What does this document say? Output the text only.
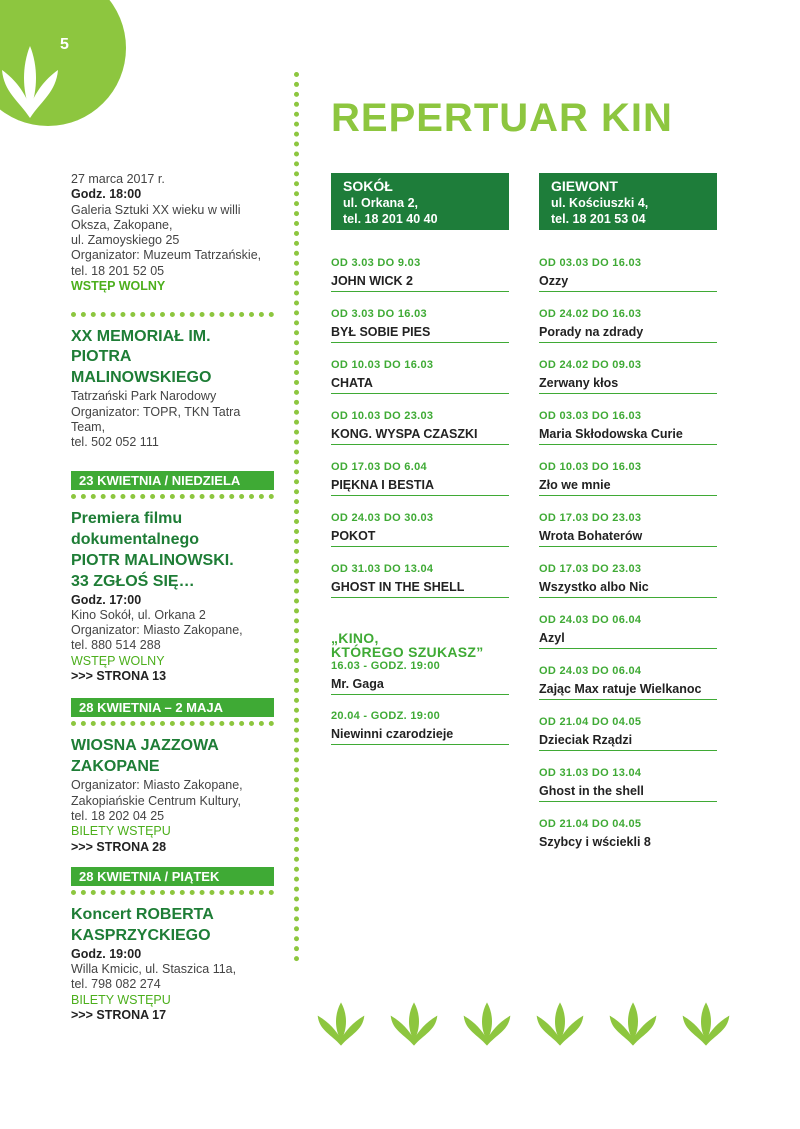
5

27 marca 2017 r.

Godz. 18:00

Galeria Sztuki XX wieku w willi

Oksza, Zakopane,

ul. Zamoyskiego 25

Organizator: Muzeum Tatrzańskie,

tel. 18 201 52 05

WSTĘP WOLNY

XX MEMORIAŁ IM.
PIOTRA MALINOWSKIEGO

Tatrzański Park Narodowy

Organizator: TOPR, TKN Tatra Team,

tel. 502 052 111

23 KWIETNIA / NIEDZIELA
Premiera filmu
dokumentalnego
PIOTR MALINOWSKI.
33 ZGŁOŚ SIĘ…

Godz. 17:00

Kino Sokół, ul. Orkana 2

Organizator: Miasto Zakopane,

tel. 880 514 288

WSTĘP WOLNY

>>> STRONA 13

28 KWIETNIA – 2 MAJA
WIOSNA JAZZOWA
ZAKOPANE

Organizator: Miasto Zakopane,

Zakopiańskie Centrum Kultury,

tel. 18 202 04 25

BILETY WSTĘPU

>>> STRONA 28

28 KWIETNIA / PIĄTEK
Koncert ROBERTA
KASPRZYCKIEGO

Godz. 19:00

Willa Kmicic, ul. Staszica 11a,

tel. 798 082 274

BILETY WSTĘPU

>>> STRONA 17

REPERTUAR KIN
SOKÓŁ
ul. Orkana 2,
tel. 18 201 40 40
OD 3.03 DO 9.03
JOHN WICK 2
OD 3.03 DO 16.03
BYŁ SOBIE PIES
OD 10.03 DO 16.03
CHATA
OD 10.03 DO 23.03
KONG. WYSPA CZASZKI
OD 17.03 DO 6.04
PIĘKNA I BESTIA
OD 24.03 DO 30.03
POKOT
OD 31.03 DO 13.04
GHOST IN THE SHELL
„KINO,
KTÓREGO SZUKASZ”
16.03 - GODZ. 19:00
Mr. Gaga
20.04 - GODZ. 19:00
Niewinni czarodzieje
GIEWONT
ul. Kościuszki 4,
tel. 18 201 53 04
OD 03.03 DO 16.03
Ozzy
OD 24.02 DO 16.03
Porady na zdrady
OD 24.02 DO 09.03
Zerwany kłos
OD 03.03 DO 16.03
Maria Skłodowska Curie
OD 10.03 DO 16.03
Zło we mnie
OD 17.03 DO 23.03
Wrota Bohaterów
OD 17.03 DO 23.03
Wszystko albo Nic
OD 24.03 DO 06.04
Azyl
OD 24.03 DO 06.04
Zając Max ratuje Wielkanoc
OD 21.04 DO 04.05
Dzieciak Rządzi
OD 31.03 DO 13.04
Ghost in the shell
OD 21.04 DO 04.05
Szybcy i wściekli 8
